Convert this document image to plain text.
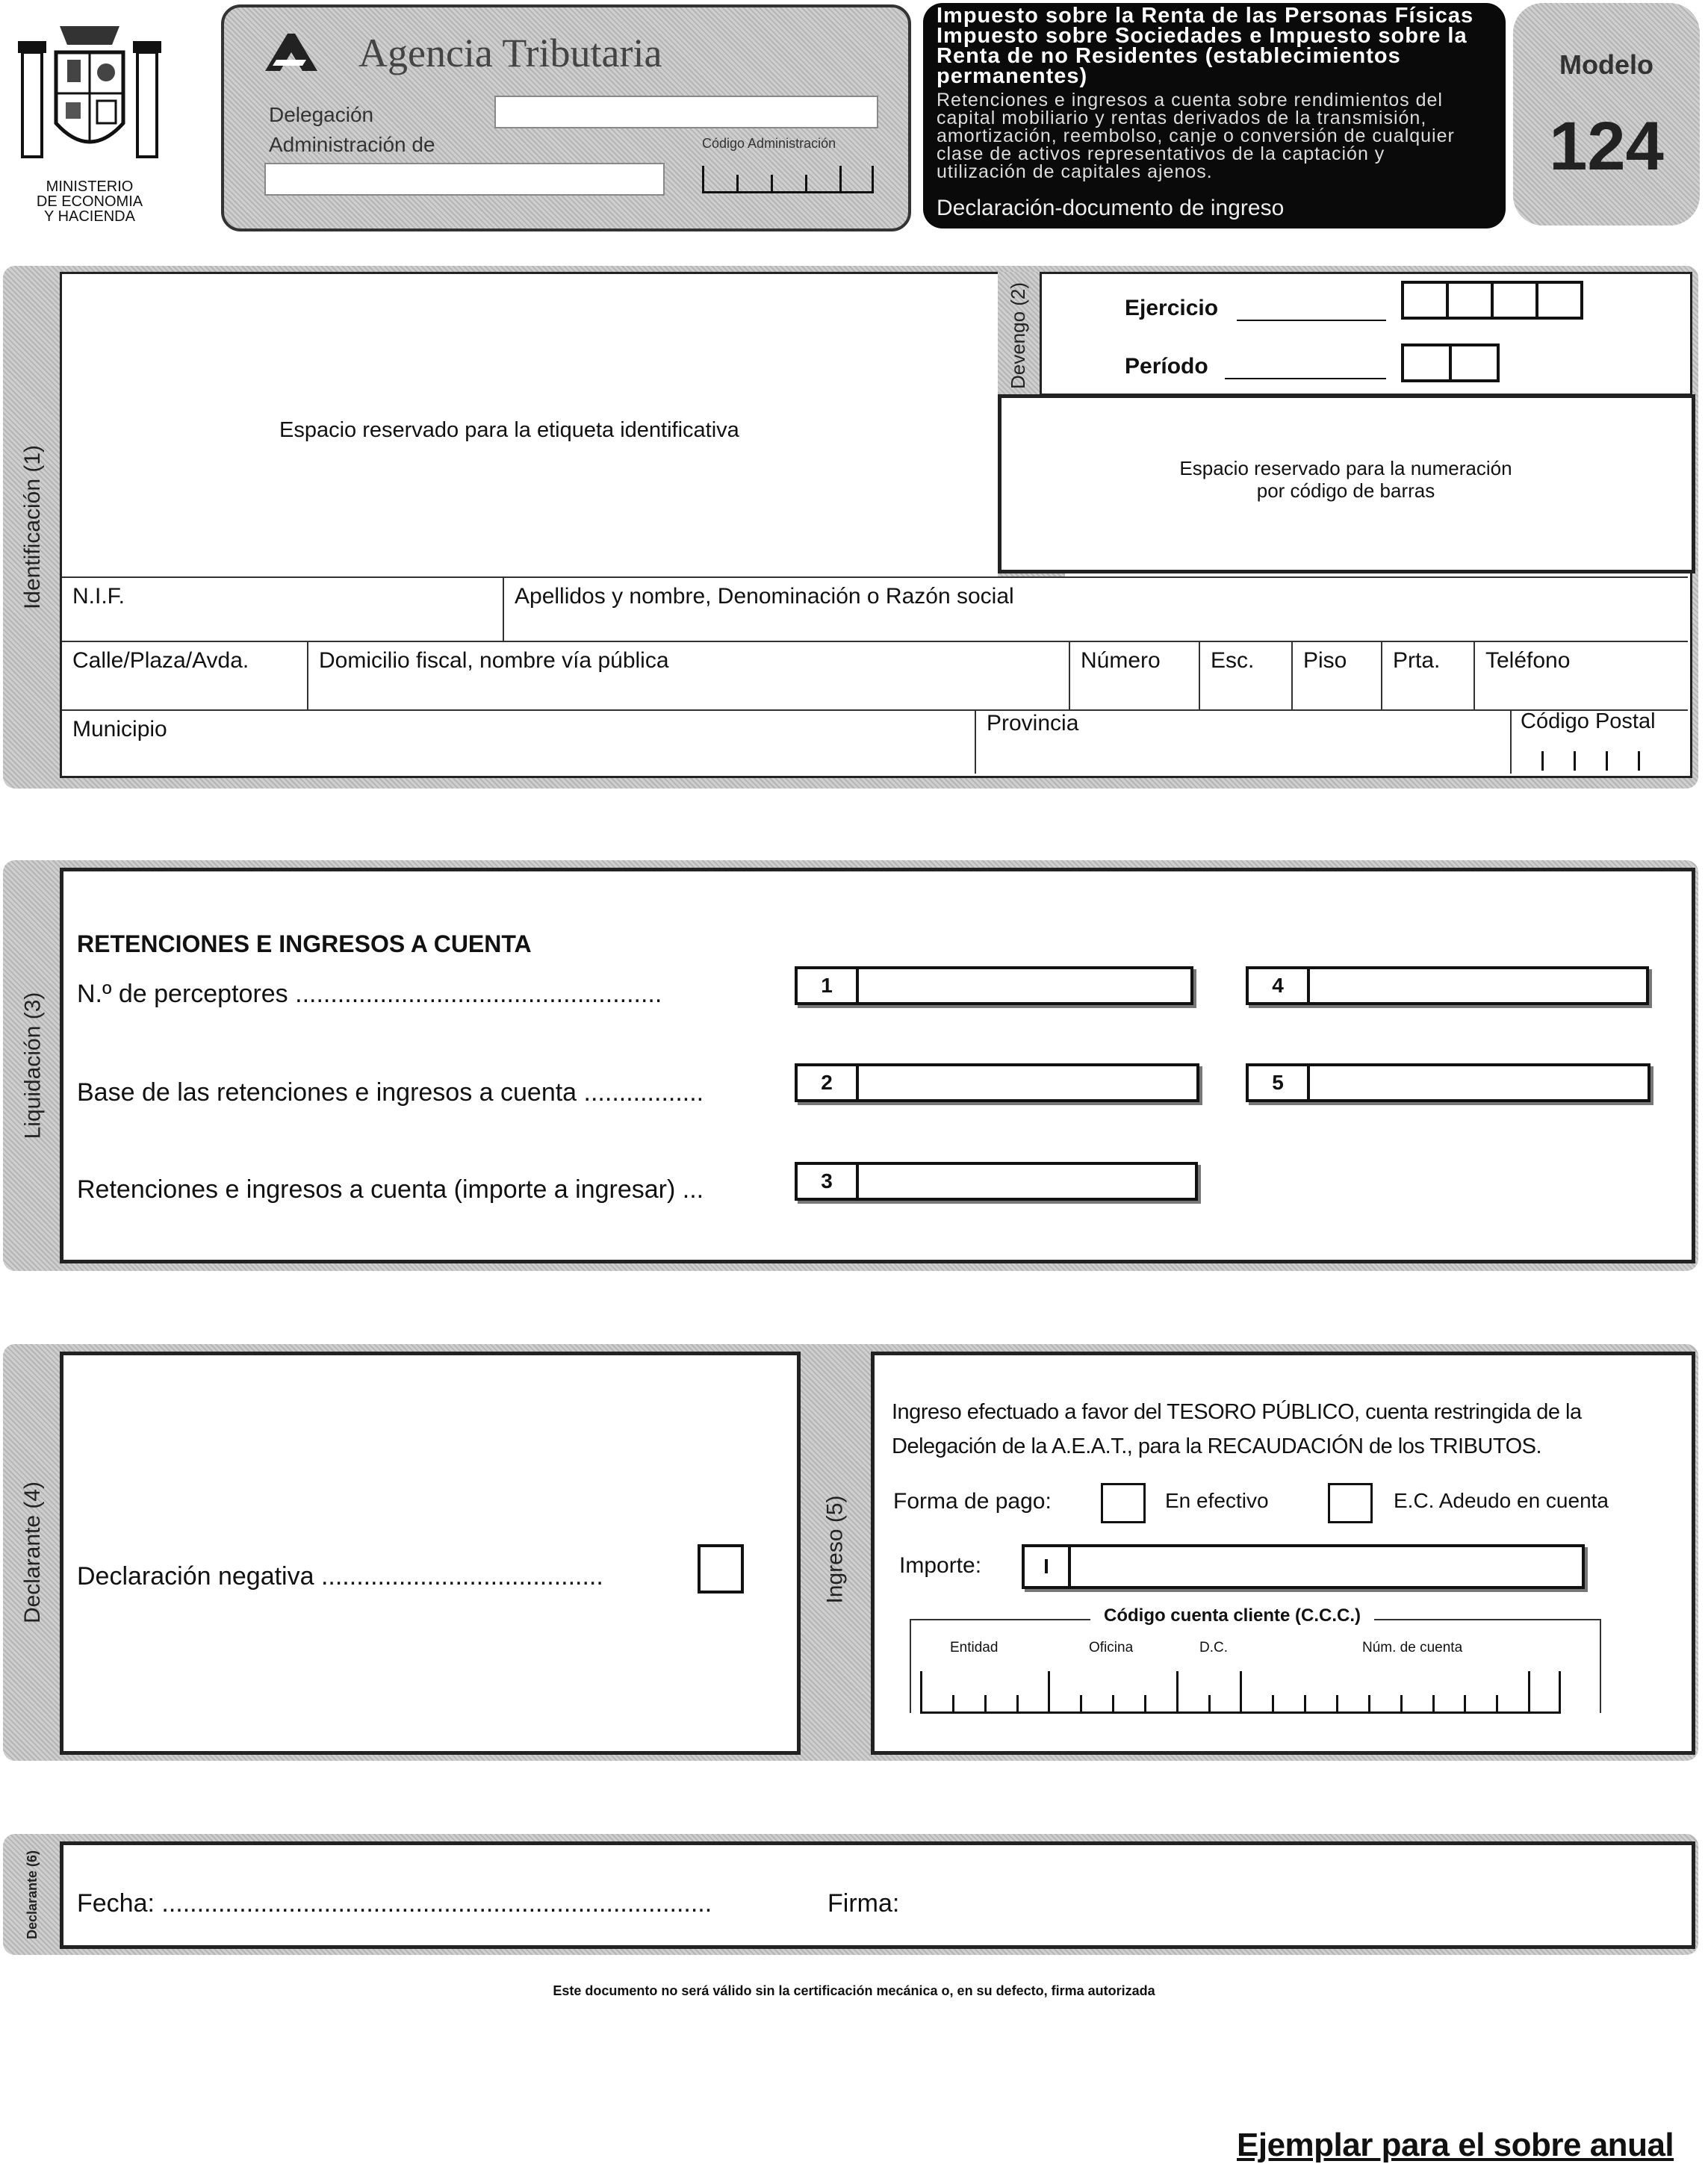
MINISTERIO
DE ECONOMIA
Y HACIENDA
Agencia Tributaria
Delegación
Administración de	Código Administración
Impuesto sobre la Renta de las Personas Físicas
Impuesto sobre Sociedades e Impuesto sobre la
Renta de no Residentes (establecimientos
permanentes)
Retenciones e ingresos a cuenta sobre rendimientos del
capital mobiliario y rentas derivados de la transmisión,
amortización, reembolso, canje o conversión de cualquier
clase de activos representativos de la captación y
utilización de capitales ajenos.
Declaración-documento de ingreso
Modelo
124
Identificación (1)
Espacio reservado para la etiqueta identificativa
Devengo (2)	Ejercicio
Período
Espacio reservado para la numeración
por código de barras
N.I.F.	Apellidos y nombre, Denominación o Razón social
Calle/Plaza/Avda.	Domicilio fiscal, nombre vía pública	Número Esc. Piso Prta. Teléfono
Municipio	Provincia	Código Postal
Liquidación (3)
RETENCIONES E INGRESOS A CUENTA
N.º de perceptores ....................................................	1	4
Base de las retenciones e ingresos a cuenta .................	2	5
Retenciones e ingresos a cuenta (importe a ingresar) ...	3
Declarante (4) Declaración negativa ........................................	Ingreso (5)
Ingreso efectuado a favor del TESORO PÚBLICO, cuenta restringida de la
Delegación de la A.E.A.T., para la RECAUDACIÓN de los TRIBUTOS.
Forma de pago:	En efectivo	E.C. Adeudo en cuenta
Importe:	I
Código cuenta cliente (C.C.C.)
Entidad	Oficina	D.C.	Núm. de cuenta
Declarante (6) Fecha: ..............................................................................	Firma:
Este documento no será válido sin la certificación mecánica o, en su defecto, firma autorizada
Ejemplar para el sobre anual
